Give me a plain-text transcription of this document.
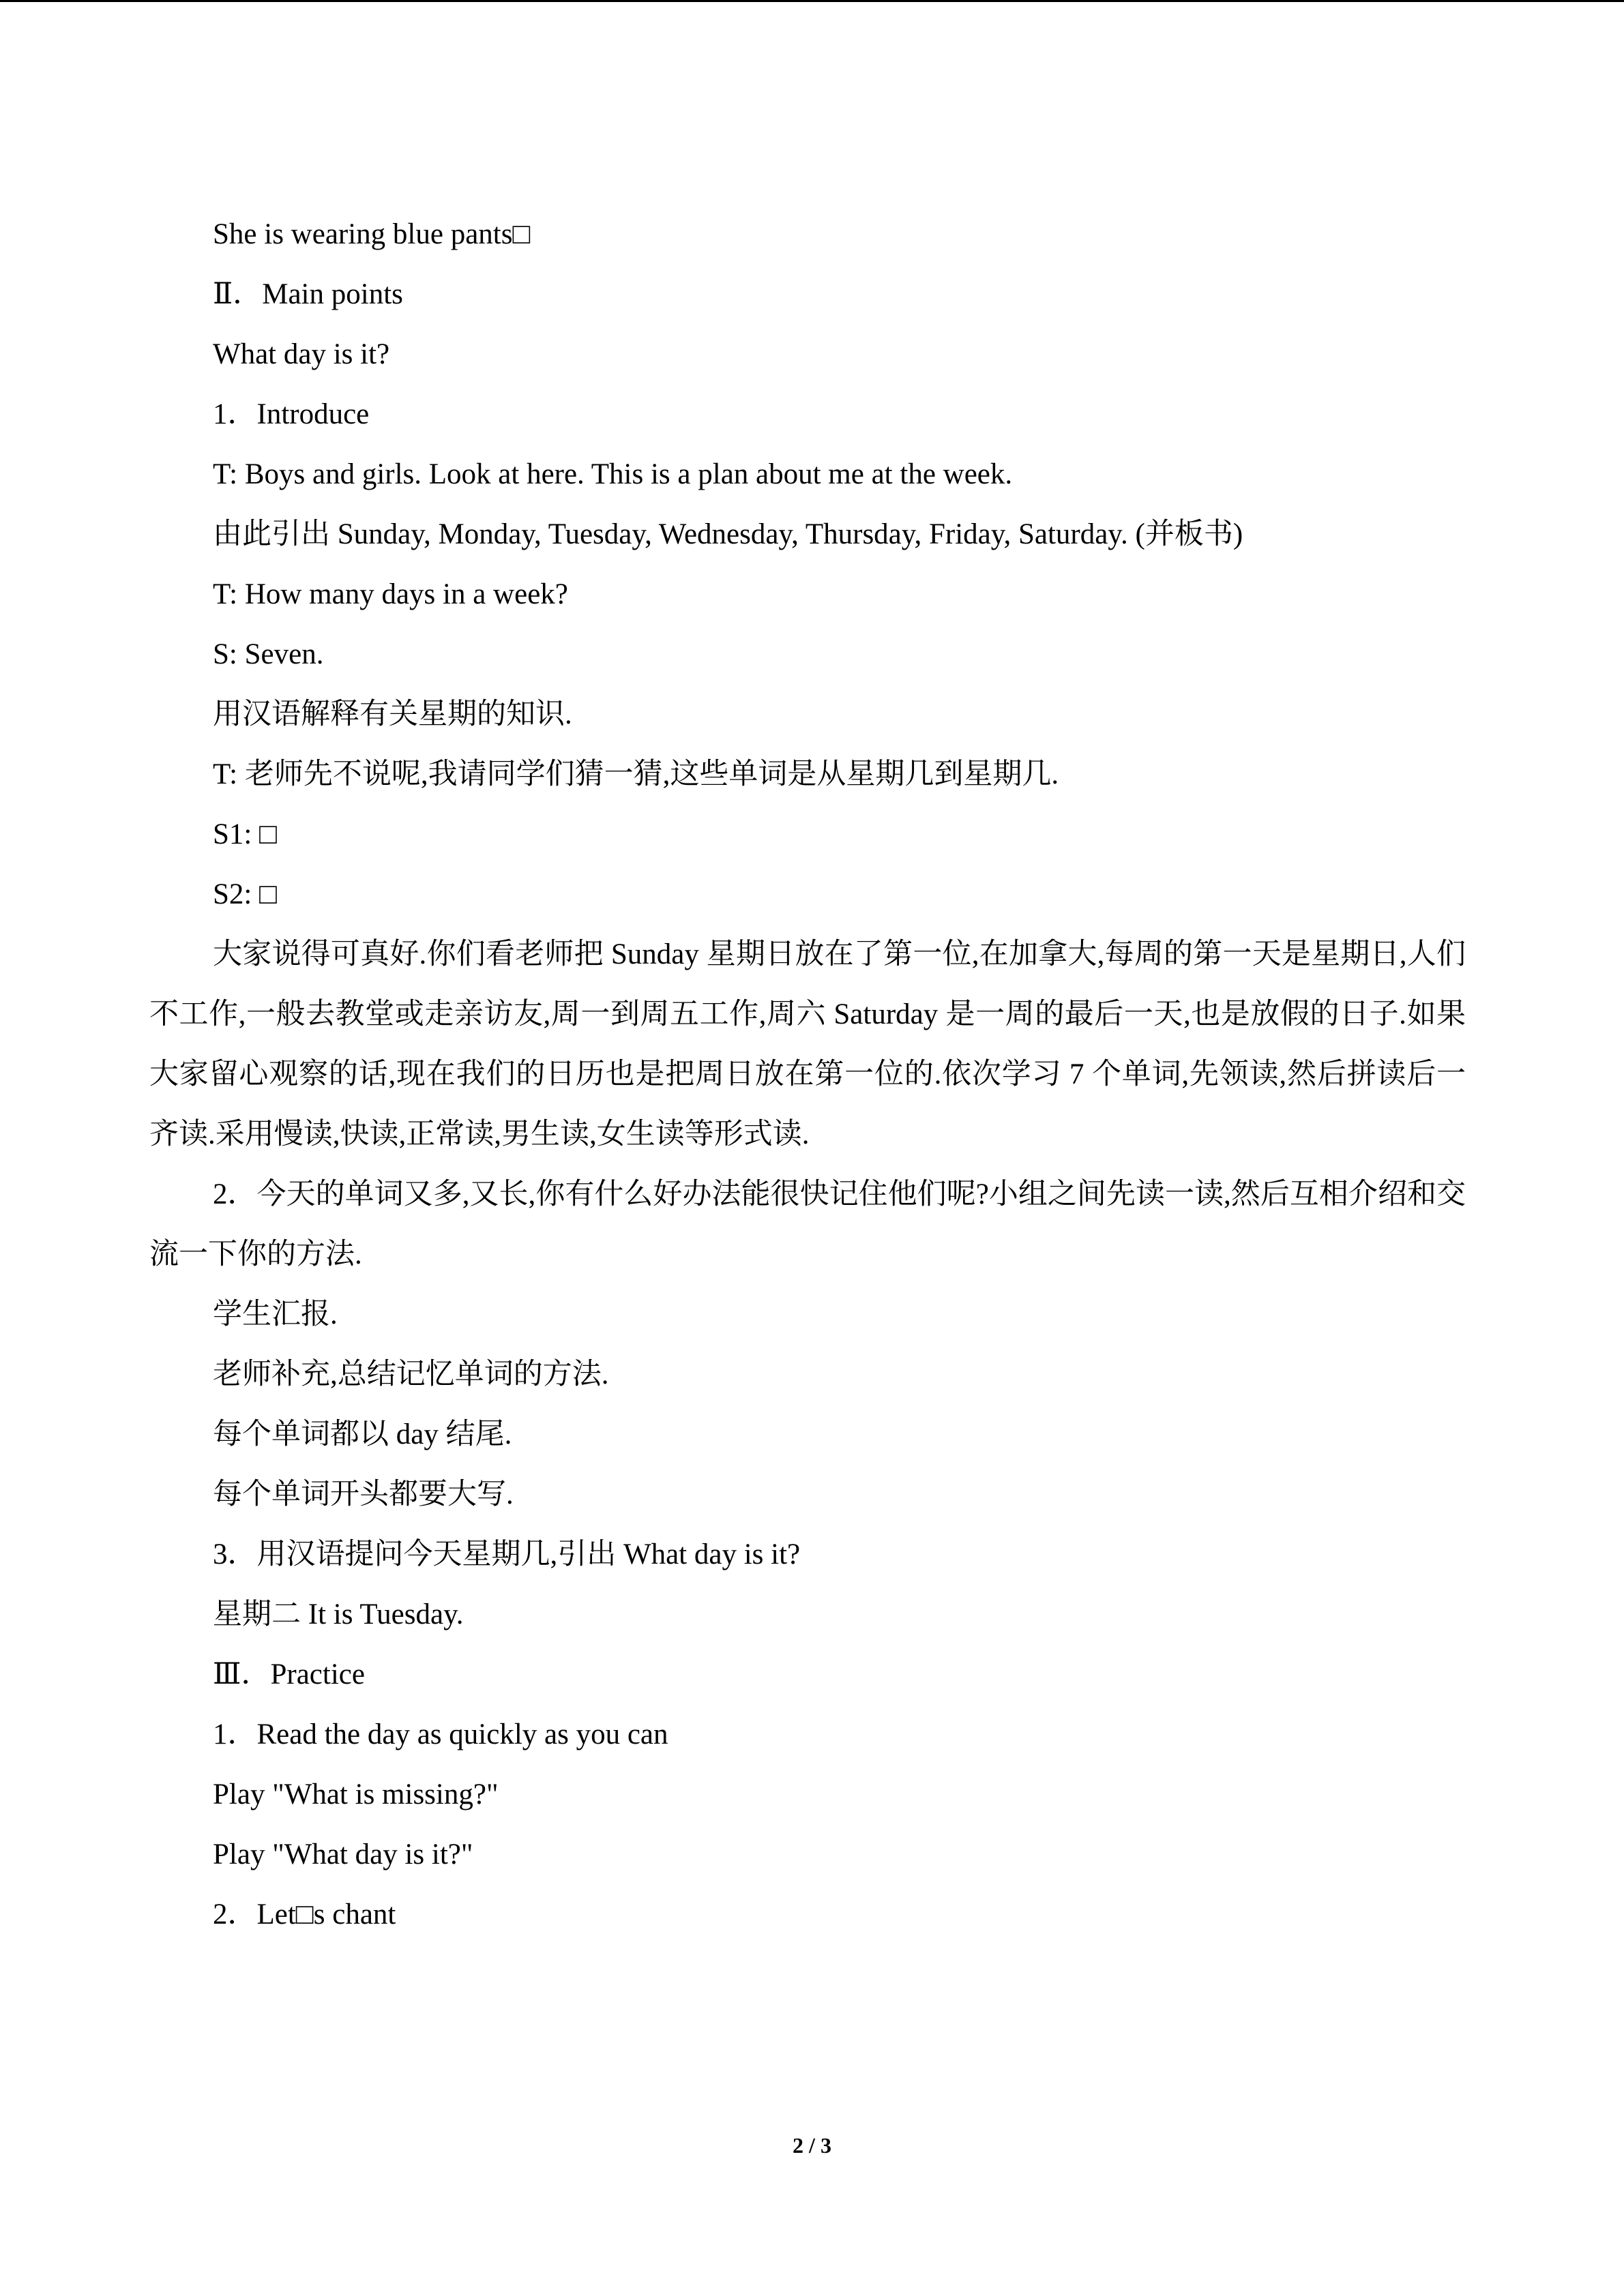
She is wearing blue pants□
Ⅱ．Main points
What day is it?
1．Introduce
T: Boys and girls. Look at here. This is a plan about me at the week.
由此引出 Sunday, Monday, Tuesday, Wednesday, Thursday, Friday, Saturday. (并板书)
T: How many days in a week?
S: Seven.
用汉语解释有关星期的知识.
T: 老师先不说呢,我请同学们猜一猜,这些单词是从星期几到星期几.
S1: □
S2: □
大家说得可真好.你们看老师把 Sunday 星期日放在了第一位,在加拿大,每周的第一天是星期日,人们不工作,一般去教堂或走亲访友,周一到周五工作,周六 Saturday 是一周的最后一天,也是放假的日子.如果大家留心观察的话,现在我们的日历也是把周日放在第一位的.依次学习 7 个单词,先领读,然后拼读后一齐读.采用慢读,快读,正常读,男生读,女生读等形式读.
2．今天的单词又多,又长,你有什么好办法能很快记住他们呢?小组之间先读一读,然后互相介绍和交流一下你的方法.
学生汇报.
老师补充,总结记忆单词的方法.
每个单词都以 day 结尾.
每个单词开头都要大写.
3．用汉语提问今天星期几,引出 What day is it?
星期二 It is Tuesday.
Ⅲ．Practice
1．Read the day as quickly as you can
Play "What is missing?"
Play "What day is it?"
2．Let□s chant
2 / 3
